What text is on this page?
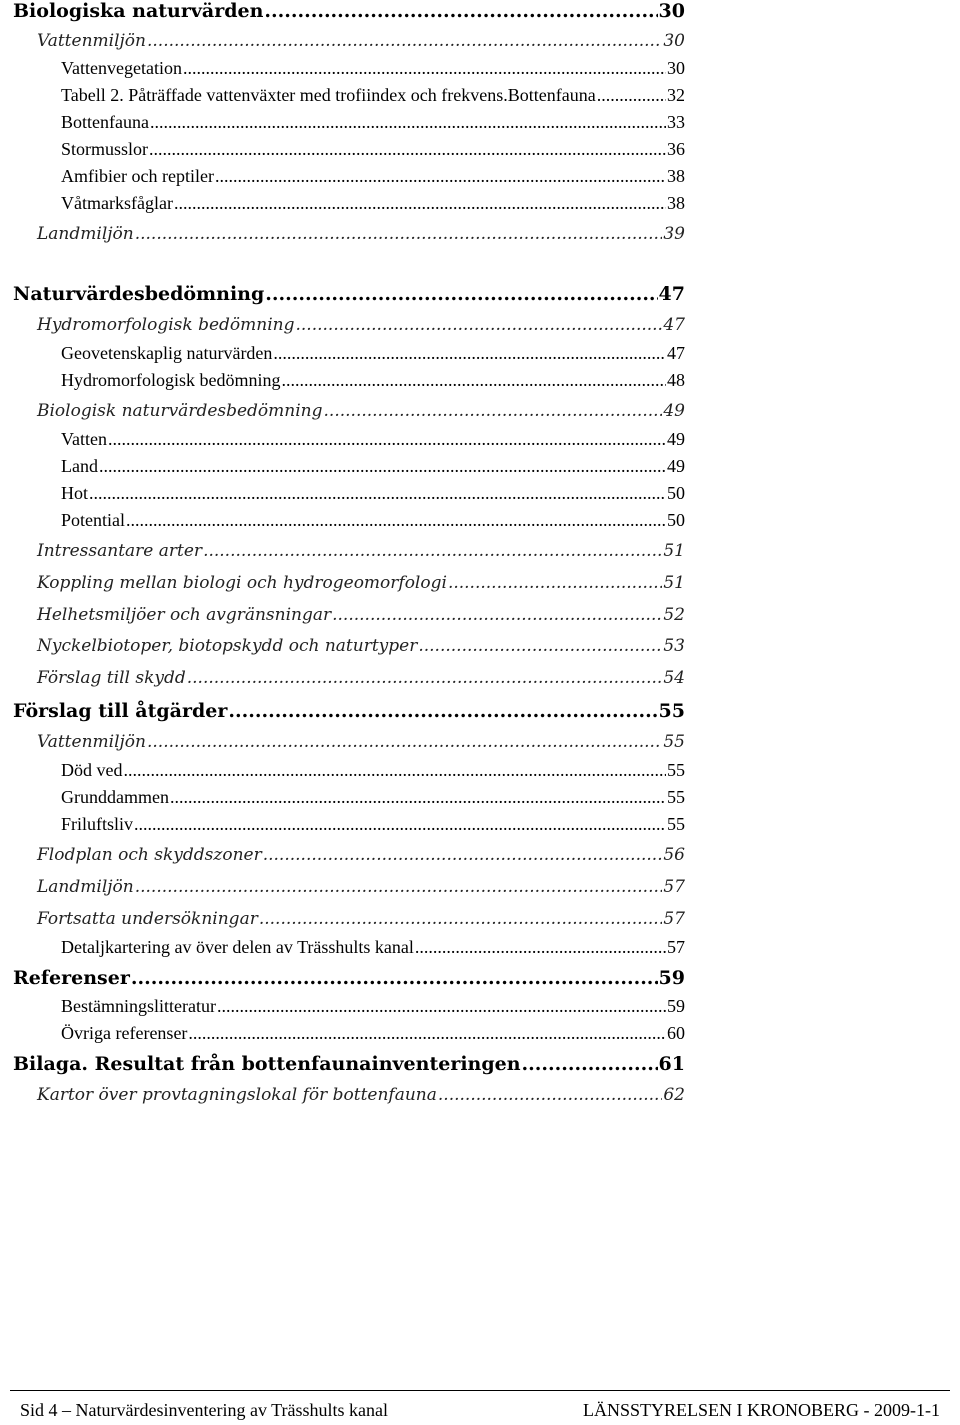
Biologiska naturvärden .....	30
Vattenmiljön .....	30
Vattenvegetation .....	30
Tabell 2. Påträffade vattenväxter med trofiindex och frekvens.Bottenfauna .....	32
Bottenfauna .....	33
Stormusslor .....	36
Amfibier och reptiler .....	38
Våtmarksfåglar .....	38
Landmiljön .....	39
Naturvärdesbedömning .....	47
Hydromorfologisk bedömning .....	47
Geovetenskaplig naturvärden .....	47
Hydromorfologisk bedömning .....	48
Biologisk naturvärdesbedömning .....	49
Vatten .....	49
Land .....	49
Hot .....	50
Potential .....	50
Intressantare arter .....	51
Koppling mellan biologi och hydrogeomorfologi .....	51
Helhetsmiljöer och avgränsningar .....	52
Nyckelbiotoper, biotopskydd och naturtyper .....	53
Förslag till skydd .....	54
Förslag till åtgärder .....	55
Vattenmiljön .....	55
Död ved .....	55
Grunddammen .....	55
Friluftsliv .....	55
Flodplan och skyddszoner .....	56
Landmiljön .....	57
Fortsatta undersökningar .....	57
Detaljkartering av över delen av Trässhults kanal .....	57
Referenser .....	59
Bestämningslitteratur .....	59
Övriga referenser .....	60
Bilaga. Resultat från bottenfaunainventeringen .....	61
Kartor över provtagningslokal för bottenfauna .....	62
Sid 4 – Naturvärdesinventering av Trässhults kanal	LÄNSSTYRELSEN I KRONOBERG - 2009-1-1
